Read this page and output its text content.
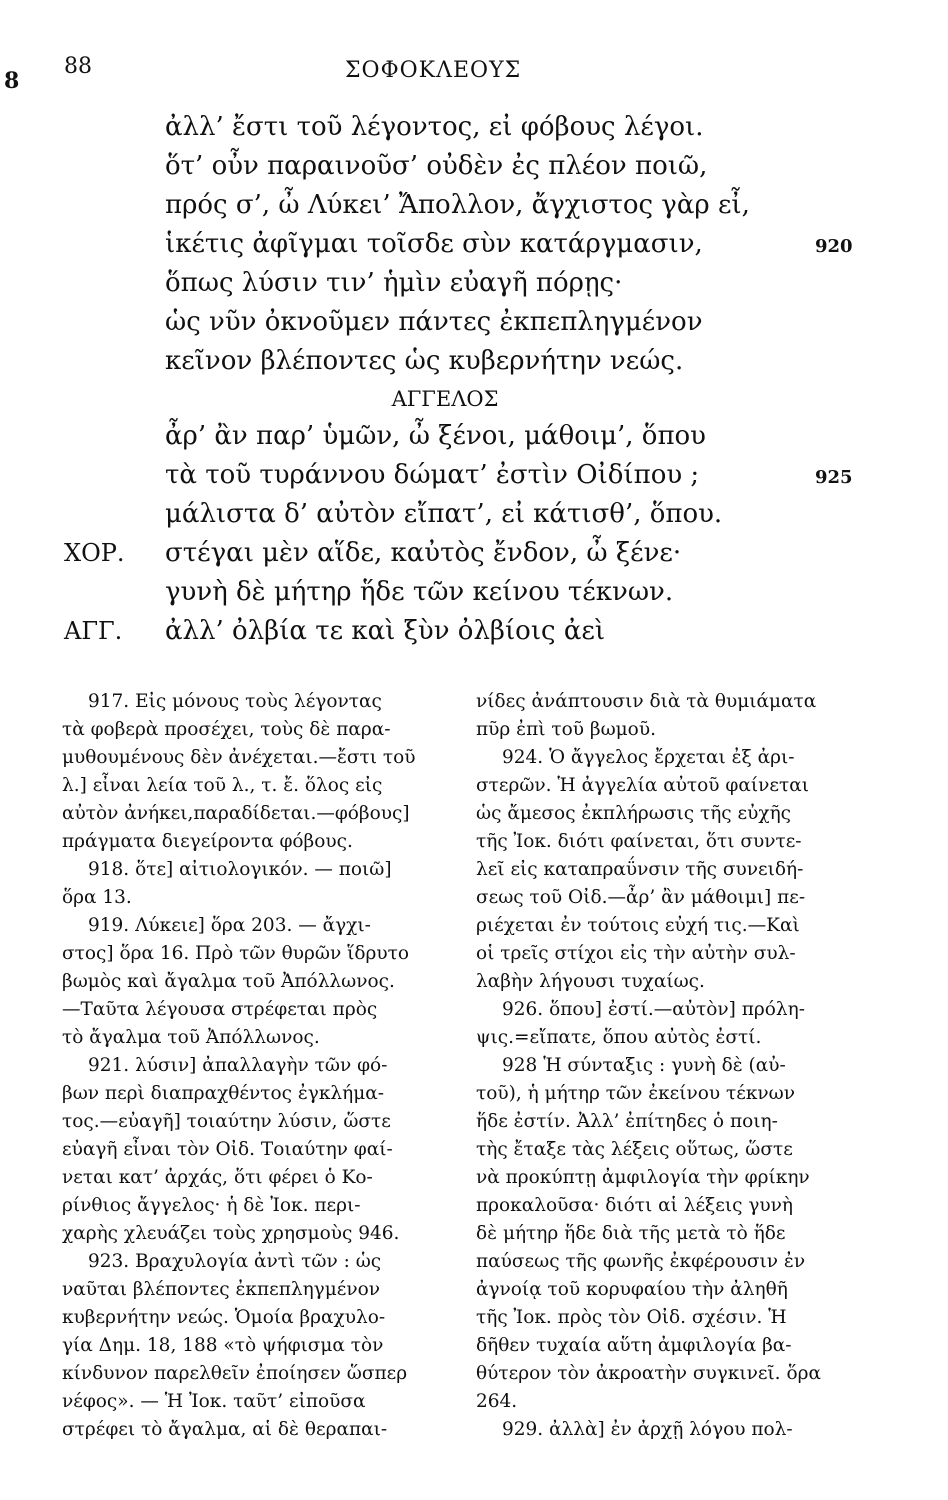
8
88	ΣΟΦΟΚΛΕΟΥΣ
ἀλλ’ ἔστι τοῦ λέγοντος, εἰ φόβους λέγοι.
ὅτ’ οὖν παραινοῦσ’ οὐδὲν ἐς πλέον ποιῶ,
πρός σ’, ὦ Λύκει’ Ἄπολλον, ἄγχιστος γὰρ εἶ,
ἱκέτις ἀφῖγμαι τοῖσδε σὺν κατάργμασιν,	920
ὅπως λύσιν τιν’ ἡμὶν εὐαγῆ πόρῃς·
ὡς νῦν ὀκνοῦμεν πάντες ἐκπεπληγμένον
κεῖνον βλέποντες ὡς κυβερνήτην νεώς.
ΑΓΓΕΛΟΣ
ἆρ’ ἂν παρ’ ὑμῶν, ὦ ξένοι, μάθοιμ’, ὅπου
τὰ τοῦ τυράννου δώματ’ ἐστὶν Οἰδίπου ;	925
μάλιστα δ’ αὐτὸν εἴπατ’, εἰ κάτισθ’, ὅπου.
ΧΟΡ. στέγαι μὲν αἵδε, καὐτὸς ἔνδον, ὦ ξένε·
γυνὴ δὲ μήτηρ ἥδε τῶν κείνου τέκνων.
ΑΓΓ. ἀλλ’ ὀλβία τε καὶ ξὺν ὀλβίοις ἀεὶ
917. Εἰς μόνους τοὺς λέγοντας
τὰ φοβερὰ προσέχει, τοὺς δὲ παρα-
μυθουμένους δὲν ἀνέχεται.—ἔστι τοῦ
λ.] εἶναι λεία τοῦ λ., τ. ἔ. ὅλος εἰς
αὐτὸν ἀνήκει,παραδίδεται.—φόβους]
πράγματα διεγείροντα φόβους.
918. ὅτε] αἰτιολογικόν. — ποιῶ]
ὅρα 13.
919. Λύκειε] ὅρα 203. — ἄγχι-
στος] ὅρα 16. Πρὸ τῶν θυρῶν ἵδρυτο
βωμὸς καὶ ἄγαλμα τοῦ Ἀπόλλωνος.
—Ταῦτα λέγουσα στρέφεται πρὸς
τὸ ἄγαλμα τοῦ Ἀπόλλωνος.
921. λύσιν] ἀπαλλαγὴν τῶν φό-
βων περὶ διαπραχθέντος ἐγκλήμα-
τος.—εὐαγῆ] τοιαύτην λύσιν, ὥστε
εὐαγῆ εἶναι τὸν Οἰδ. Τοιαύτην φαί-
νεται κατ’ ἀρχάς, ὅτι φέρει ὁ Κο-
ρίνθιος ἄγγελος· ἡ δὲ Ἰοκ. περι-
χαρὴς χλευάζει τοὺς χρησμοὺς 946.
923. Βραχυλογία ἀντὶ τῶν : ὡς
ναῦται βλέποντες ἐκπεπληγμένον
κυβερνήτην νεώς. Ὁμοία βραχυλο-
γία Δημ. 18, 188 «τὸ ψήφισμα τὸν
κίνδυνον παρελθεῖν ἐποίησεν ὥσπερ
νέφος». — Ἡ Ἰοκ. ταῦτ’ εἰποῦσα
στρέφει τὸ ἄγαλμα, αἱ δὲ θεραπαι-
νίδες ἀνάπτουσιν διὰ τὰ θυμιάματα
πῦρ ἐπὶ τοῦ βωμοῦ.
924. Ὁ ἄγγελος ἔρχεται ἐξ ἀρι-
στερῶν. Ἡ ἀγγελία αὐτοῦ φαίνεται
ὡς ἄμεσος ἐκπλήρωσις τῆς εὐχῆς
τῆς Ἰοκ. διότι φαίνεται, ὅτι συντε-
λεῖ εἰς καταπραΰνσιν τῆς συνειδή-
σεως τοῦ Οἰδ.—ἆρ’ ἂν μάθοιμι] πε-
ριέχεται ἐν τούτοις εὐχή τις.—Καὶ
οἱ τρεῖς στίχοι εἰς τὴν αὐτὴν συλ-
λαβὴν λήγουσι τυχαίως.
926. ὅπου] ἐστί.—αὐτὸν] πρόλη-
ψις.=εἴπατε, ὅπου αὐτὸς ἐστί.
928 Ἡ σύνταξις : γυνὴ δὲ (αὐ-
τοῦ), ἡ μήτηρ τῶν ἐκείνου τέκνων
ἥδε ἐστίν. Ἀλλ’ ἐπίτηδες ὁ ποιη-
τὴς ἔταξε τὰς λέξεις οὕτως, ὥστε
νὰ προκύπτῃ ἀμφιλογία τὴν φρίκην
προκαλοῦσα· διότι αἱ λέξεις γυνὴ
δὲ μήτηρ ἥδε διὰ τῆς μετὰ τὸ ἥδε
παύσεως τῆς φωνῆς ἐκφέρουσιν ἐν
ἀγνοίᾳ τοῦ κορυφαίου τὴν ἀληθῆ
τῆς Ἰοκ. πρὸς τὸν Οἰδ. σχέσιν. Ἡ
δῆθεν τυχαία αὕτη ἀμφιλογία βα-
θύτερον τὸν ἀκροατὴν συγκινεῖ. ὅρα
264.
929. ἀλλὰ] ἐν ἀρχῇ λόγου πολ-
